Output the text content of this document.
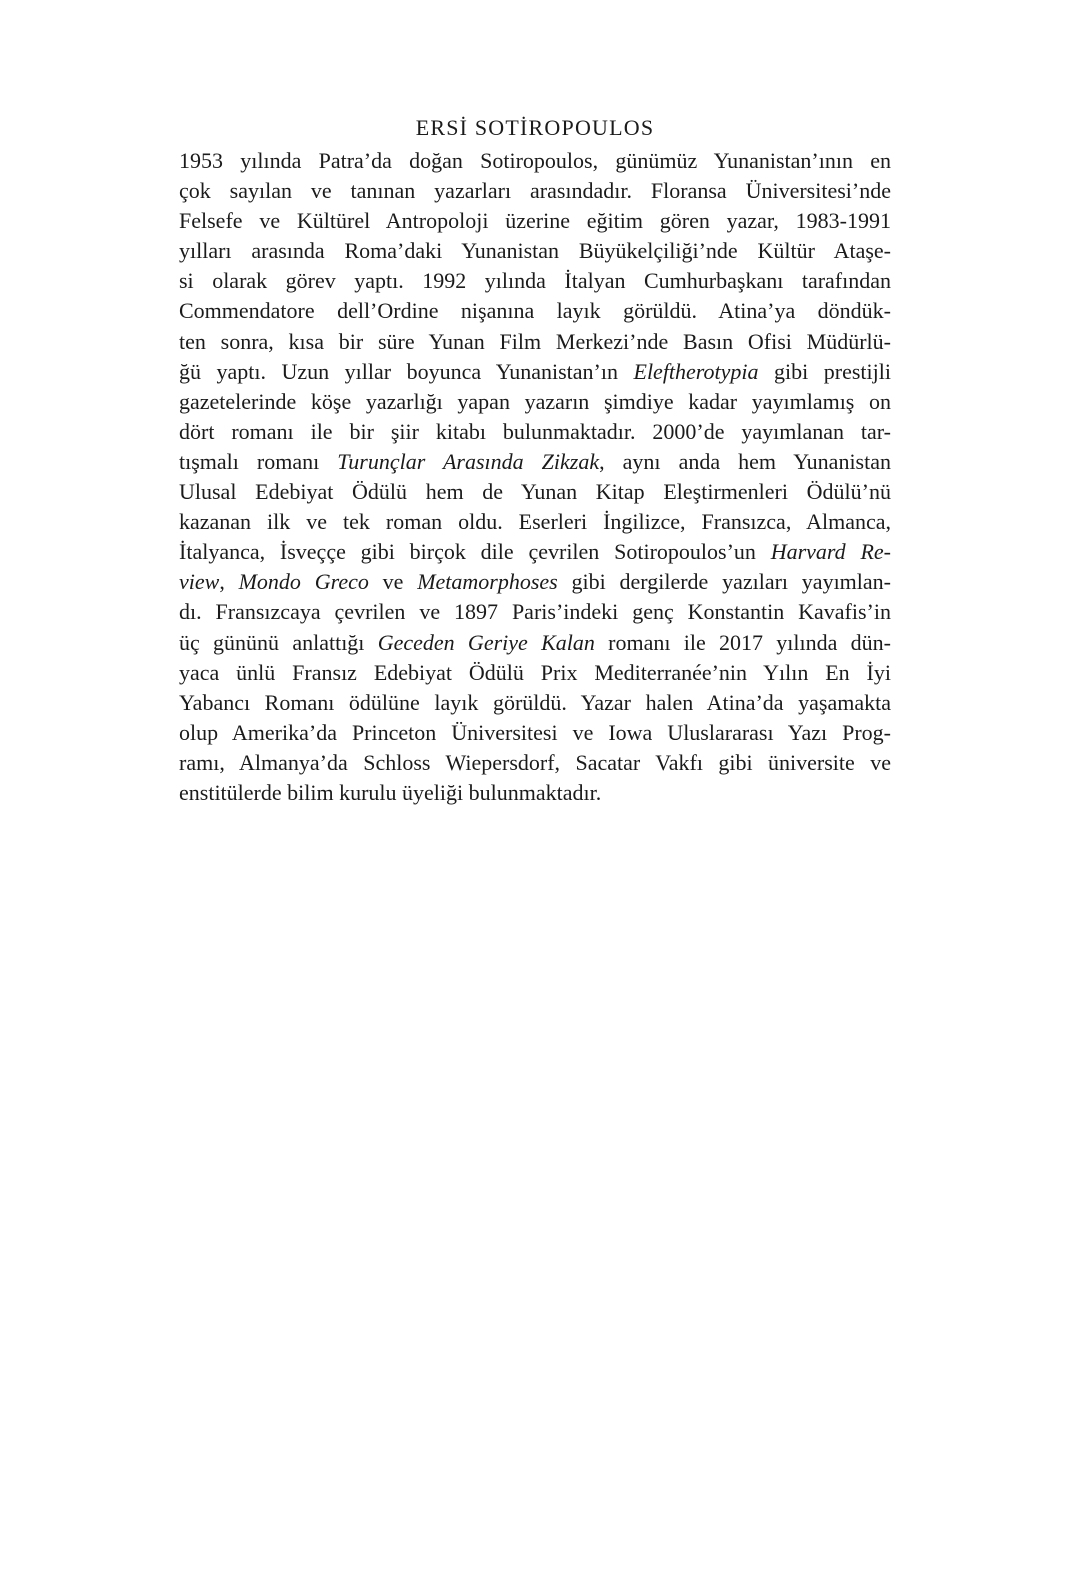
ERSİ SOTİROPOULOS
1953 yılında Patra’da doğan Sotiropoulos, günümüz Yunanistan’ının en
çok sayılan ve tanınan yazarları arasındadır. Floransa Üniversitesi’nde
Felsefe ve Kültürel Antropoloji üzerine eğitim gören yazar, 1983-1991
yılları arasında Roma’daki Yunanistan Büyükelçiliği’nde Kültür Ataşe-
si olarak görev yaptı. 1992 yılında İtalyan Cumhurbaşkanı tarafından
Commendatore dell’Ordine nişanına layık görüldü. Atina’ya döndük-
ten sonra, kısa bir süre Yunan Film Merkezi’nde Basın Ofisi Müdürlü-
ğü yaptı. Uzun yıllar boyunca Yunanistan’ın Eleftherotypia gibi prestijli
gazetelerinde köşe yazarlığı yapan yazarın şimdiye kadar yayımlamış on
dört romanı ile bir şiir kitabı bulunmaktadır. 2000’de yayımlanan tar-
tışmalı romanı Turunçlar Arasında Zikzak, aynı anda hem Yunanistan
Ulusal Edebiyat Ödülü hem de Yunan Kitap Eleştirmenleri Ödülü’nü
kazanan ilk ve tek roman oldu. Eserleri İngilizce, Fransızca, Almanca,
İtalyanca, İsveççe gibi birçok dile çevrilen Sotiropoulos’un Harvard Re-
view, Mondo Greco ve Metamorphoses gibi dergilerde yazıları yayımlan-
dı. Fransızcaya çevrilen ve 1897 Paris’indeki genç Konstantin Kavafis’in
üç gününü anlattığı Geceden Geriye Kalan romanı ile 2017 yılında dün-
yaca ünlü Fransız Edebiyat Ödülü Prix Mediterranée’nin Yılın En İyi
Yabancı Romanı ödülüne layık görüldü. Yazar halen Atina’da yaşamakta
olup Amerika’da Princeton Üniversitesi ve Iowa Uluslararası Yazı Prog-
ramı, Almanya’da Schloss Wiepersdorf, Sacatar Vakfı gibi üniversite ve
enstitülerde bilim kurulu üyeliği bulunmaktadır.
